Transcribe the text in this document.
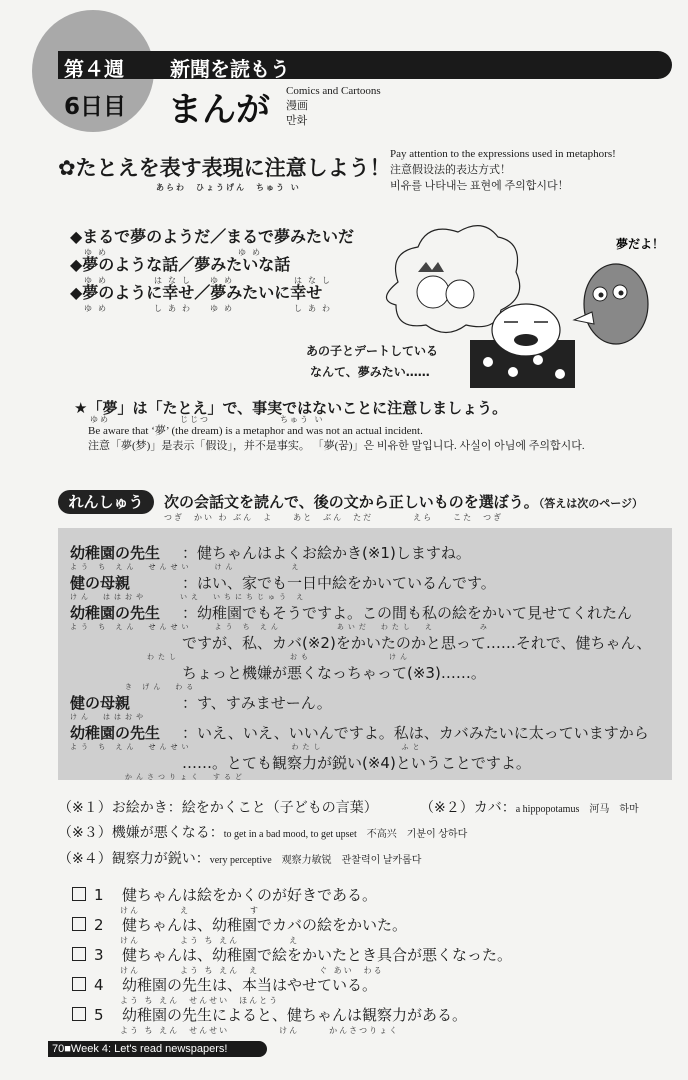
第４週 新聞を読もう
6日目 まんが Comics and Cartoons
漫画
만화
✿たとえを表す表現に注意しよう！
あらわ　ひょうげん　ちゅう い
Pay attention to the expressions used in metaphors!
注意假设法的表达方式！
비유를 나타내는 표현에 주의합시다！
◆まるで夢のようだ／まるで夢みたいだ
ゆめ　　　　　　　　　ゆめ
◆夢のような話／夢みたいな話
ゆめ　　　はなし　ゆめ　　　　はなし
◆夢のように幸せ／夢みたいに幸せ
ゆめ　　　しあわ　ゆめ　　　　しあわ
夢だよ！
あの子とデートしている
なんて、夢みたい……
★「夢」は「たとえ」で、事実ではないことに注意しましょう。
ゆめ　　　　　　　じじつ　　　　　　　ちゅう い
Be aware that ‘夢’ (the dream) is a metaphor and was not an actual incident.
注意「夢(梦)」是表示「假设」，并不是事实。 「夢(꿈)」은 비유한 말입니다. 사실이 아님에 주의합시다.
れんしゅう	次の会話文を読んで、後の文から正しいものを選ぼう。（答えは次のページ）
つぎ　かい わ ぶん　よ　　あと　ぶん　ただ　　　　えら　　こた　つぎ
幼稚園の先生 ：健ちゃんはよくお絵かき(※1)しますね。
よう ち えん　せんせい　　けん　　　　　え
健の母親	：はい、家でも一日中絵をかいているんです。
けん　ははおや　　　いえ　いちにちじゅう え
幼稚園の先生 ：幼稚園でもそうですよ。この間も私の絵をかいて見せてくれたん
よう ち えん　せんせい　　よう ち えん　　　　　あいだ　わたし　え　　　　み
ですが、私、カバ(※2)をかいたのかと思って……それで、健ちゃん、
　　　　　　　わたし　　　　　　　　　　おも　　　　　　　けん
ちょっと機嫌が悪くなっちゃって(※3)……。
　　　　　き げん　わる
健の母親	：す、すみませーん。
けん　ははおや
幼稚園の先生 ：いえ、いえ、いいんですよ。私は、カバみたいに太っていますから
よう ち えん　せんせい　　　　　　　　　わたし　　　　　　　ふと
……。とても観察力が鋭い(※4)ということですよ。
　　　　　かんさつりょく　するど
（※１）お絵かき：絵をかくこと（子どもの言葉）	（※２）カバ：a hippopotamus　河马　하마
（※３）機嫌が悪くなる：to get in a bad mood, to get upset　不高兴　기분이 상하다
（※４）観察力が鋭い：very perceptive　观察力敏锐　관찰력이 날카롭다
1 健ちゃんは絵をかくのが好きである。
けん　　　　え　　　　　　す
2 健ちゃんは、幼稚園でカバの絵をかいた。
けん　　　　よう ち えん　　　　　え
3 健ちゃんは、幼稚園で絵をかいたとき具合が悪くなった。
けん　　　　よう ち えん　え　　　　　　ぐ あい　わる
4 幼稚園の先生は、本当はやせている。
よう ち えん　せんせい　ほんとう
5 幼稚園の先生によると、健ちゃんは観察力がある。
よう ち えん　せんせい　　　　　けん　　　かんさつりょく
70■Week 4: Let's read newspapers!
